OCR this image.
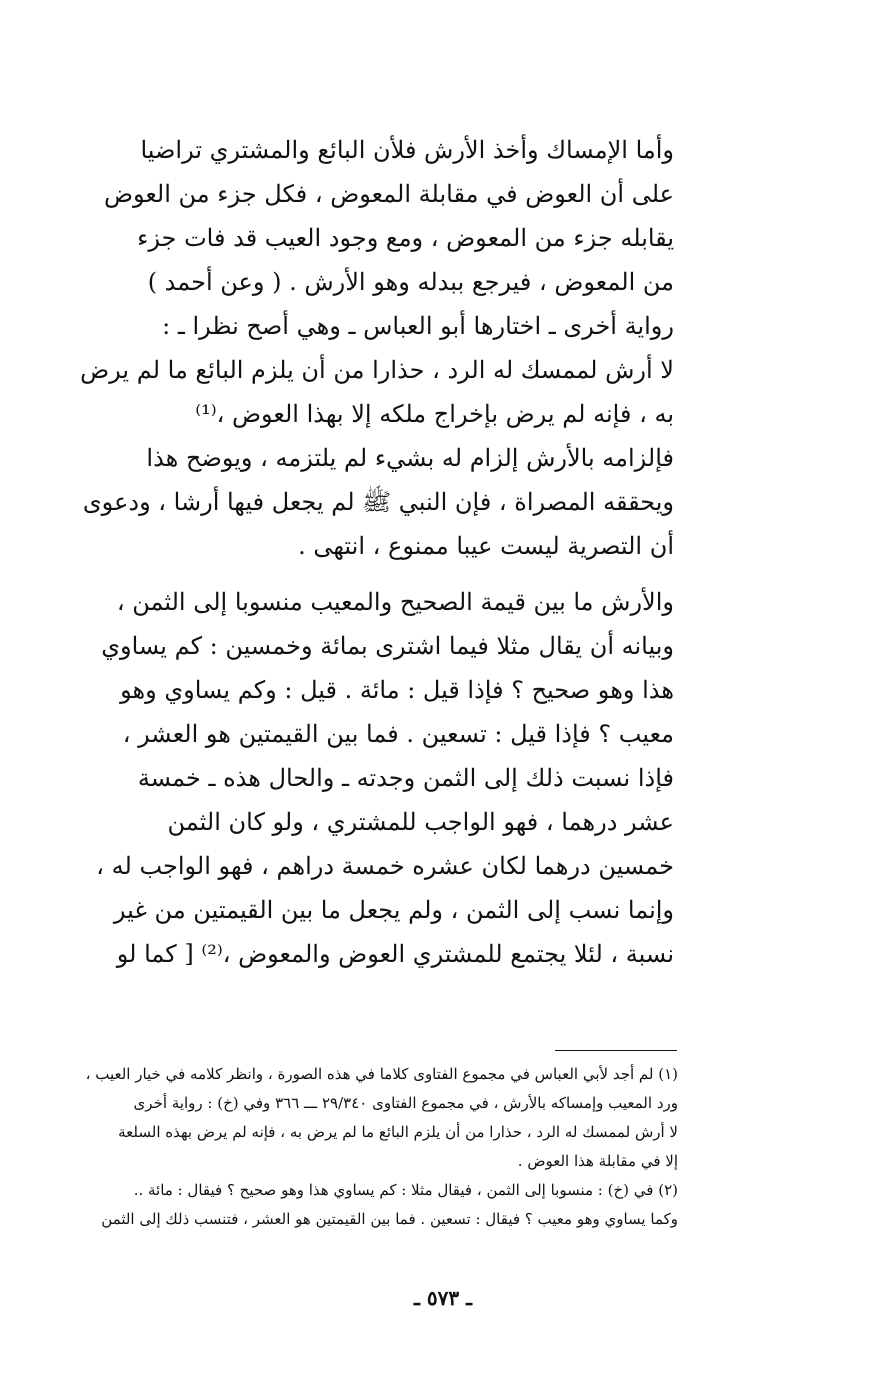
وأما الإمساك وأخذ الأرش فلأن البائع والمشتري تراضيا
على أن العوض في مقابلة المعوض ، فكل جزء من العوض
يقابله جزء من المعوض ، ومع وجود العيب قد فات جزء
من المعوض ، فيرجع ببدله وهو الأرش . ( وعن أحمد )
رواية أخرى ـ اختارها أبو العباس ـ وهي أصح نظرا ـ :
لا أرش لممسك له الرد ، حذارا من أن يلزم البائع ما لم يرض
به ، فإنه لم يرض بإخراج ملكه إلا بهذا العوض ،⁽¹⁾
فإلزامه بالأرش إلزام له بشيء لم يلتزمه ، ويوضح هذا
ويحققه المصراة ، فإن النبي ﷺ لم يجعل فيها أرشا ، ودعوى
أن التصرية ليست عيبا ممنوع ، انتهى .
والأرش ما بين قيمة الصحيح والمعيب منسوبا إلى الثمن ،
وبيانه أن يقال مثلا فيما اشترى بمائة وخمسين : كم يساوي
هذا وهو صحيح ؟ فإذا قيل : مائة . قيل : وكم يساوي وهو
معيب ؟ فإذا قيل : تسعين . فما بين القيمتين هو العشر ،
فإذا نسبت ذلك إلى الثمن وجدته ـ والحال هذه ـ خمسة
عشر درهما ، فهو الواجب للمشتري ، ولو كان الثمن
خمسين درهما لكان عشره خمسة دراهم ، فهو الواجب له ،
وإنما نسب إلى الثمن ، ولم يجعل ما بين القيمتين من غير
نسبة ، لئلا يجتمع للمشتري العوض والمعوض ،⁽²⁾ [ كما لو
(١) لم أجد لأبي العباس في مجموع الفتاوى كلاما في هذه الصورة ، وانظر كلامه في خيار العيب ،
ورد المعيب وإمساكه بالأرش ، في مجموع الفتاوى ٢٩/٣٤٠ ـــ ٣٦٦ وفي (خ) : رواية أخرى
لا أرش لممسك له الرد ، حذارا من أن يلزم البائع ما لم يرض به ، فإنه لم يرض بهذه السلعة
إلا في مقابلة هذا العوض .
(٢) في (خ) : منسوبا إلى الثمن ، فيقال مثلا : كم يساوي هذا وهو صحيح ؟ فيقال : مائة ..
وكما يساوي وهو معيب ؟ فيقال : تسعين . فما بين القيمتين هو العشر ، فتنسب ذلك إلى الثمن
ـ ٥٧٣ ـ
